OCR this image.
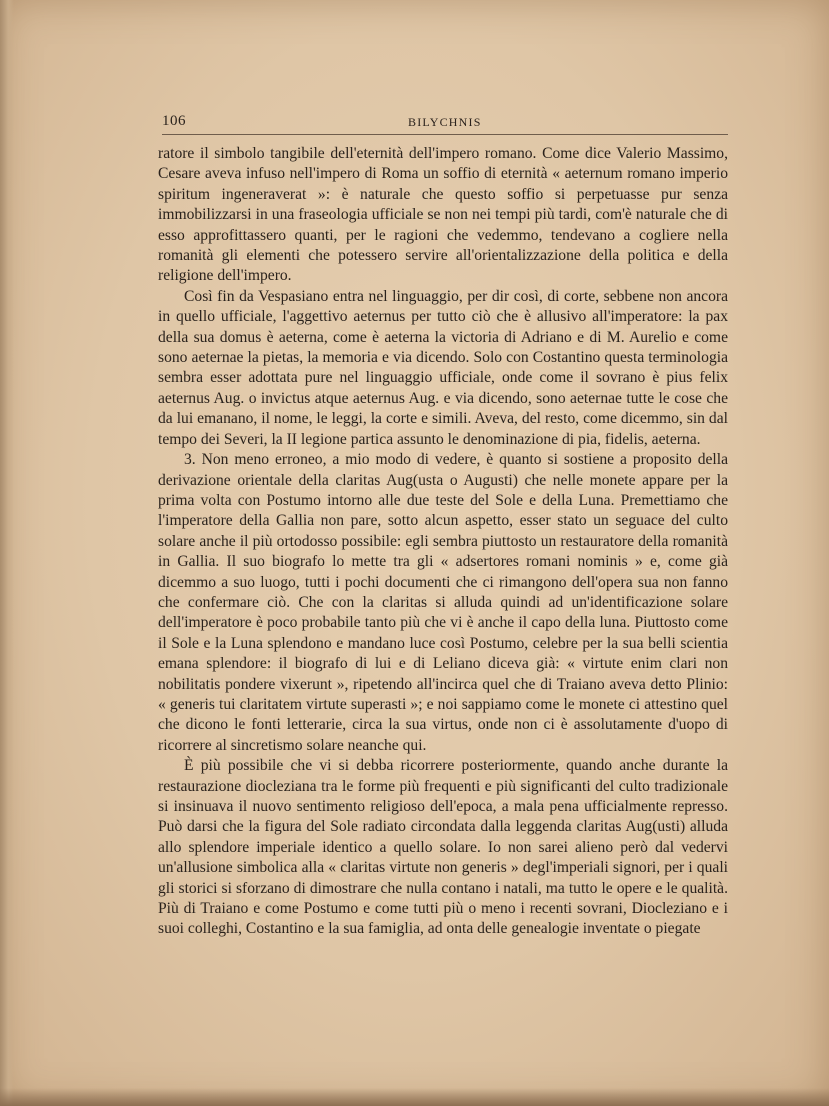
106	BILYCHNIS

ratore il simbolo tangibile dell'eternità dell'impero romano. Come dice Valerio Massimo, Cesare aveva infuso nell'impero di Roma un soffio di eternità « aeternum romano imperio spiritum ingeneraverat »: è naturale che questo soffio si perpetuasse pur senza immobilizzarsi in una fraseologia ufficiale se non nei tempi più tardi, com'è naturale che di esso approfittassero quanti, per le ragioni che vedemmo, tendevano a cogliere nella romanità gli elementi che potessero servire all'orientalizzazione della politica e della religione dell'impero.

Così fin da Vespasiano entra nel linguaggio, per dir così, di corte, sebbene non ancora in quello ufficiale, l'aggettivo aeternus per tutto ciò che è allusivo all'imperatore: la pax della sua domus è aeterna, come è aeterna la victoria di Adriano e di M. Aurelio e come sono aeternae la pietas, la memoria e via dicendo. Solo con Costantino questa terminologia sembra esser adottata pure nel linguaggio ufficiale, onde come il sovrano è pius felix aeternus Aug. o invictus atque aeternus Aug. e via dicendo, sono aeternae tutte le cose che da lui emanano, il nome, le leggi, la corte e simili. Aveva, del resto, come dicemmo, sin dal tempo dei Severi, la II legione partica assunto le denominazione di pia, fidelis, aeterna.

3. Non meno erroneo, a mio modo di vedere, è quanto si sostiene a proposito della derivazione orientale della claritas Aug(usta o Augusti) che nelle monete appare per la prima volta con Postumo intorno alle due teste del Sole e della Luna. Premettiamo che l'imperatore della Gallia non pare, sotto alcun aspetto, esser stato un seguace del culto solare anche il più ortodosso possibile: egli sembra piuttosto un restauratore della romanità in Gallia. Il suo biografo lo mette tra gli « adsertores romani nominis » e, come già dicemmo a suo luogo, tutti i pochi documenti che ci rimangono dell'opera sua non fanno che confermare ciò. Che con la claritas si alluda quindi ad un'identificazione solare dell'imperatore è poco probabile tanto più che vi è anche il capo della luna. Piuttosto come il Sole e la Luna splendono e mandano luce così Postumo, celebre per la sua belli scientia emana splendore: il biografo di lui e di Leliano diceva già: « virtute enim clari non nobilitatis pondere vixerunt », ripetendo all'incirca quel che di Traiano aveva detto Plinio: « generis tui claritatem virtute superasti »; e noi sappiamo come le monete ci attestino quel che dicono le fonti letterarie, circa la sua virtus, onde non ci è assolutamente d'uopo di ricorrere al sincretismo solare neanche qui.

È più possibile che vi si debba ricorrere posteriormente, quando anche durante la restaurazione diocleziana tra le forme più frequenti e più significanti del culto tradizionale si insinuava il nuovo sentimento religioso dell'epoca, a mala pena ufficialmente represso. Può darsi che la figura del Sole radiato circondata dalla leggenda claritas Aug(usti) alluda allo splendore imperiale identico a quello solare. Io non sarei alieno però dal vedervi un'allusione simbolica alla « claritas virtute non generis » degl'imperiali signori, per i quali gli storici si sforzano di dimostrare che nulla contano i natali, ma tutto le opere e le qualità. Più di Traiano e come Postumo e come tutti più o meno i recenti sovrani, Diocleziano e i suoi colleghi, Costantino e la sua famiglia, ad onta delle genealogie inventate o piegate
